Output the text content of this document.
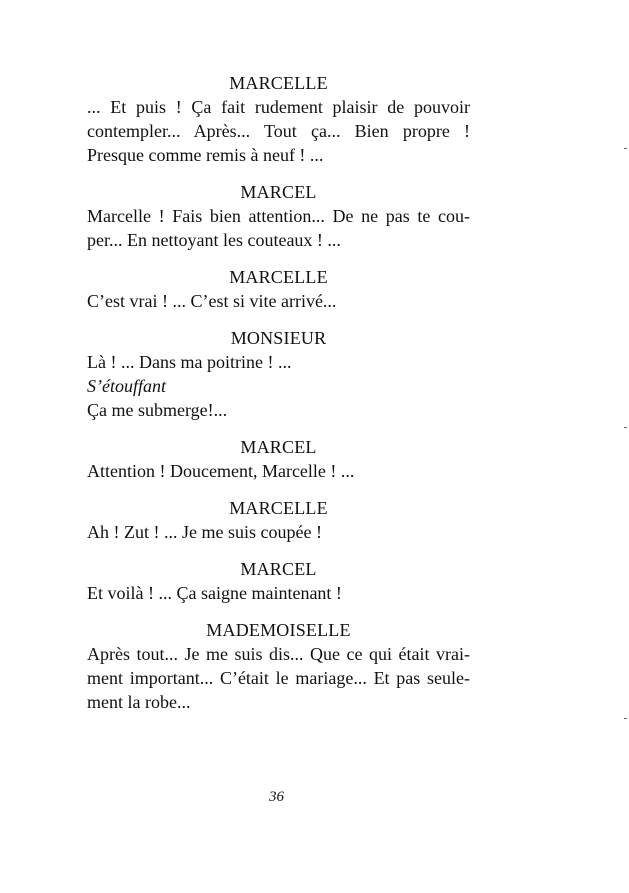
MARCELLE
... Et puis ! Ça fait rudement plaisir de pouvoir
contempler... Après... Tout ça... Bien propre !
Presque comme remis à neuf ! ...
MARCEL
Marcelle ! Fais bien attention... De ne pas te cou-
per... En nettoyant les couteaux ! ...
MARCELLE
C’est vrai ! ... C’est si vite arrivé...
MONSIEUR
Là ! ... Dans ma poitrine ! ...
S’étouffant
Ça me submerge!...
MARCEL
Attention ! Doucement, Marcelle ! ...
MARCELLE
Ah ! Zut ! ... Je me suis coupée !
MARCEL
Et voilà ! ... Ça saigne maintenant !
MADEMOISELLE
Après tout... Je me suis dis... Que ce qui était vrai-
ment important... C’était le mariage... Et pas seule-
ment la robe...
36
